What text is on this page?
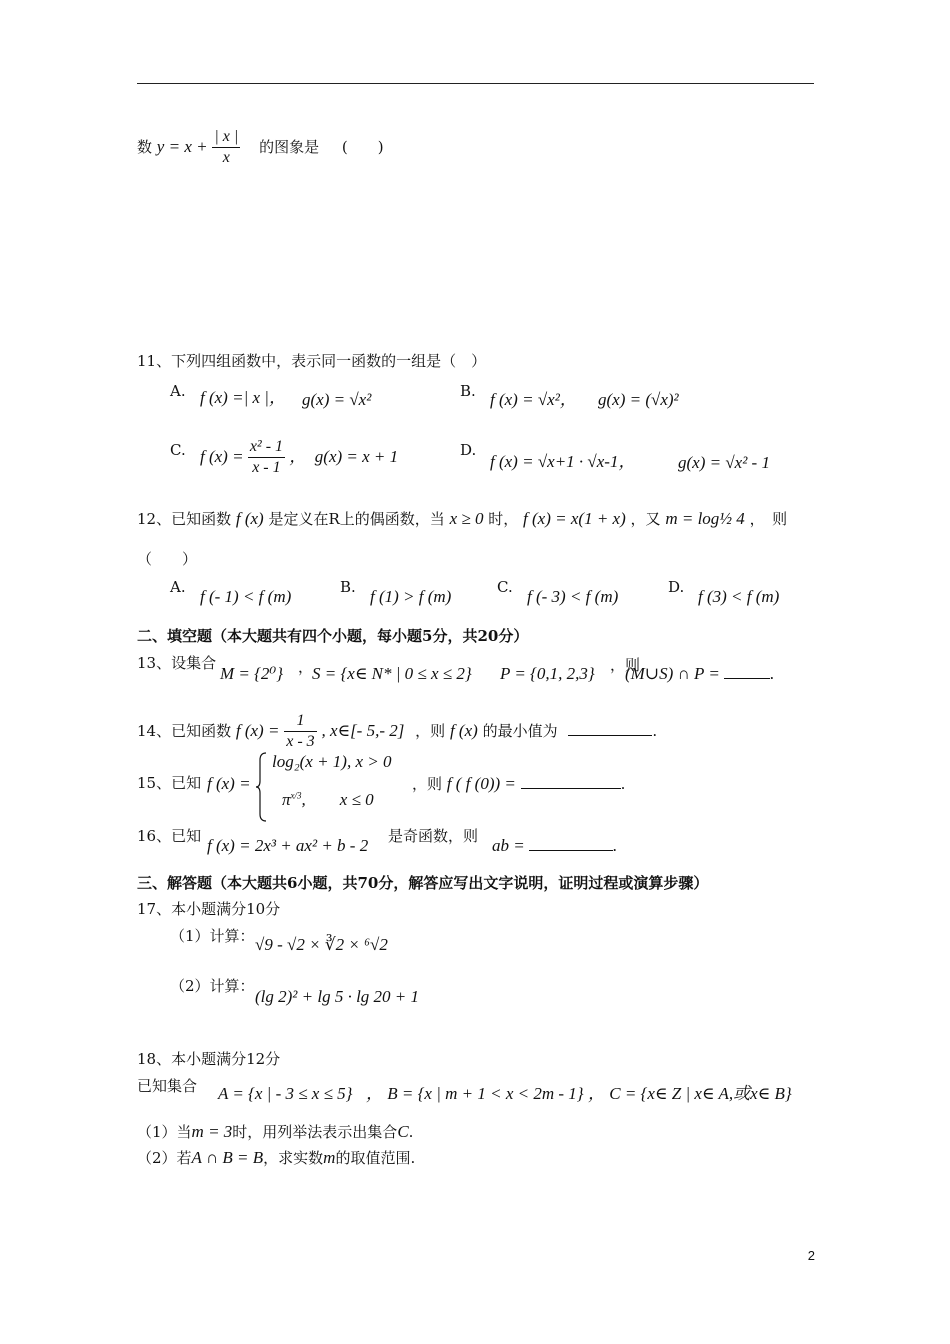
数 $y = x + \frac{| x |}{x}$ 的图象是 (　　)
11、下列四组函数中，表示同一函数的一组是（　）
A. f (x) =| x |， g(x) = √x²	B. f (x) = √x²， g(x) = (√x)²
C. f $(x) = \frac{\text{x² - 1}}{x - 1}$ ，　g(x) = x + 1	D.
f (x) = √x+1 · √x-1，	g(x) = √x² - 1
12、已知函数 f (x) 是定义在R上的偶函数，当 x ≥ 0 时， f (x) = x(1 + x) ，又 m = log½ 4 ，　则
（　　）
A. f (- 1) < f (m)	B. f (1) > f (m)	C. f (- 3) < f (m)	D. f (3) < f (m)
二、填空题（本大题共有四个小题，每小题5分，共20分）
13、设集合
M = {2⁰} ，
S = {x∈ N* | 0 ≤ x ≤ 2} P = {0,1, 2,3} ，则
(M∪S) ∩ P =	.
14、已知函数 f $(x) = \frac{1}{x - 3}$ , x∈[- 5,- 2] ，则 f (x) 的最小值为	.
15、已知 f (x) =
log₂(x + 1), x > 0
$\pi^{x/3}$,　　x ≤ 0
，则 f ( f (0)) =	.
16、已知 f (x) = 2x³ + ax² + b - 2 是奇函数，则 ab =	.
三、解答题（本大题共6小题，共70分，解答应写出文字说明，证明过程或演算步骤）
17、本小题满分10分
（1）计算： √9 - √2 × ∛2 × ⁶√2
（2）计算：
(lg 2)² + lg 5 · lg 20 + 1
18、本小题满分12分
已知集合 A = {x | - 3 ≤ x ≤ 5} ， B = {x | m + 1 < x < 2m - 1} ， C = {x∈ Z | x∈ A,或x∈ B}
（1）当m = 3时，用列举法表示出集合C.
（2）若A ∩ B = B，求实数m的取值范围.
2
